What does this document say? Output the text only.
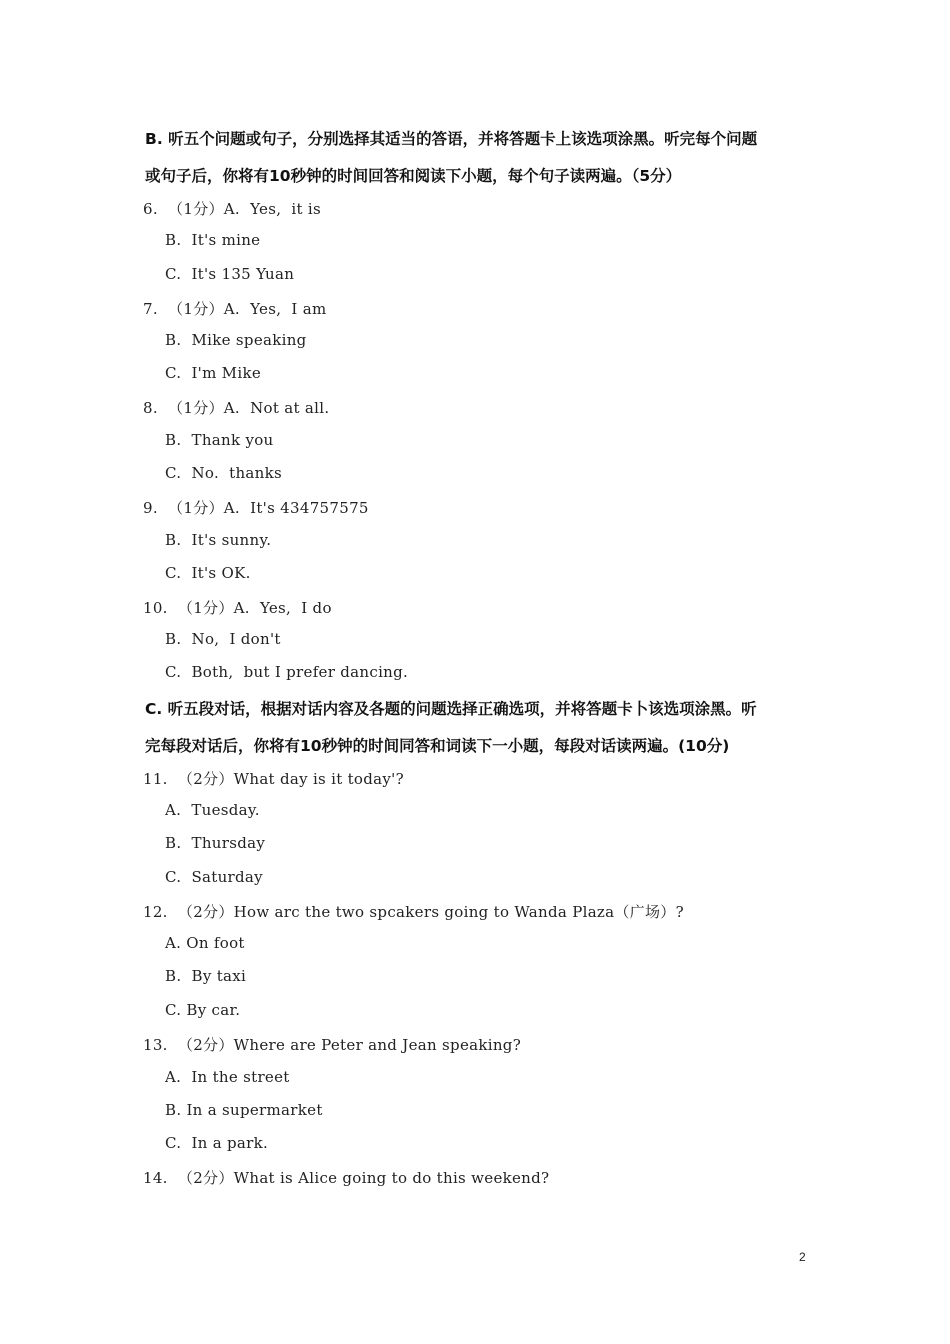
B. 听五个问题或句子，分别选择其适当的答语，并将答题卡上该选项涂黑。听完每个问题
或句子后，你将有10秒钟的时间回答和阅读下小题，每个句子读两遍。（5分）
6.  （1分）A.  Yes,  it is
B.  It's mine
C.  It's 135 Yuan
7.  （1分）A.  Yes,  I am
B.  Mike speaking
C.  I'm Mike
8.  （1分）A.  Not at all.
B.  Thank you
C.  No.  thanks
9.  （1分）A.  It's 434757575
B.  It's sunny.
C.  It's OK.
10.  （1分）A.  Yes,  I do
B.  No,  I don't
C.  Both,  but I prefer dancing.
C. 听五段对话，根据对话内容及各题的问题选择正确选项，并将答题卡卜该选项涂黑。听
完每段对话后，你将有10秒钟的时间同答和词读下一小题，每段对话读两遍。(10分)
11.  （2分）What day is it today'?
A.  Tuesday.
B.  Thursday
C.  Saturday
12.  （2分）How arc the two spcakers going to Wanda Plaza（广场）?
A. On foot
B.  By taxi
C. By car.
13.  （2分）Where are Peter and Jean speaking?
A.  In the street
B. In a supermarket
C.  In a park.
14.  （2分）What is Alice going to do this weekend?
2
